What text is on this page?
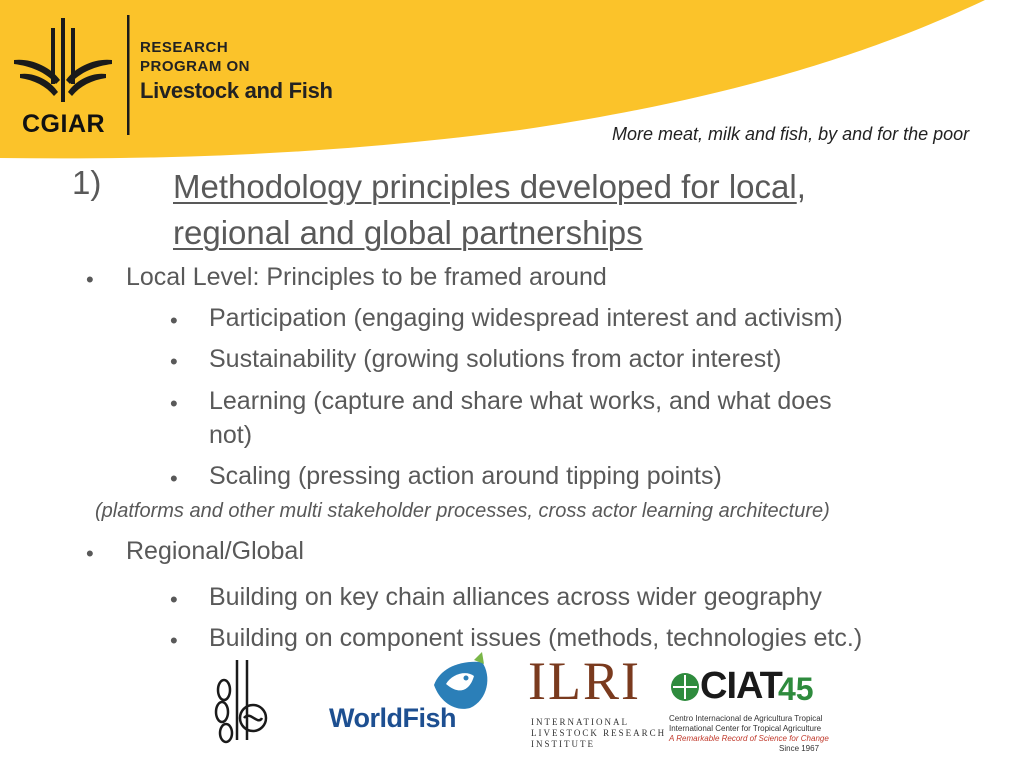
CGIAR
RESEARCH
PROGRAM ON
Livestock and Fish
More meat, milk and fish, by and for the poor
1) Methodology principles developed for local,
regional and global partnerships
• Local Level: Principles to be framed around
• Participation (engaging widespread interest and activism)
• Sustainability (growing solutions from actor interest)
• Learning (capture and share what works, and what does
not)
• Scaling (pressing action around tipping points)
(platforms and other multi stakeholder processes, cross actor learning architecture)
• Regional/Global
• Building on key chain alliances across wider geography
• Building on component issues (methods, technologies etc.)
45
WorldFish
ILRI
INTERNATIONAL
LIVESTOCK RESEARCH
INSTITUTE
CIAT
Centro Internacional de Agricultura Tropical
International Center for Tropical Agriculture
A Remarkable Record of Science for Change
Since 1967
